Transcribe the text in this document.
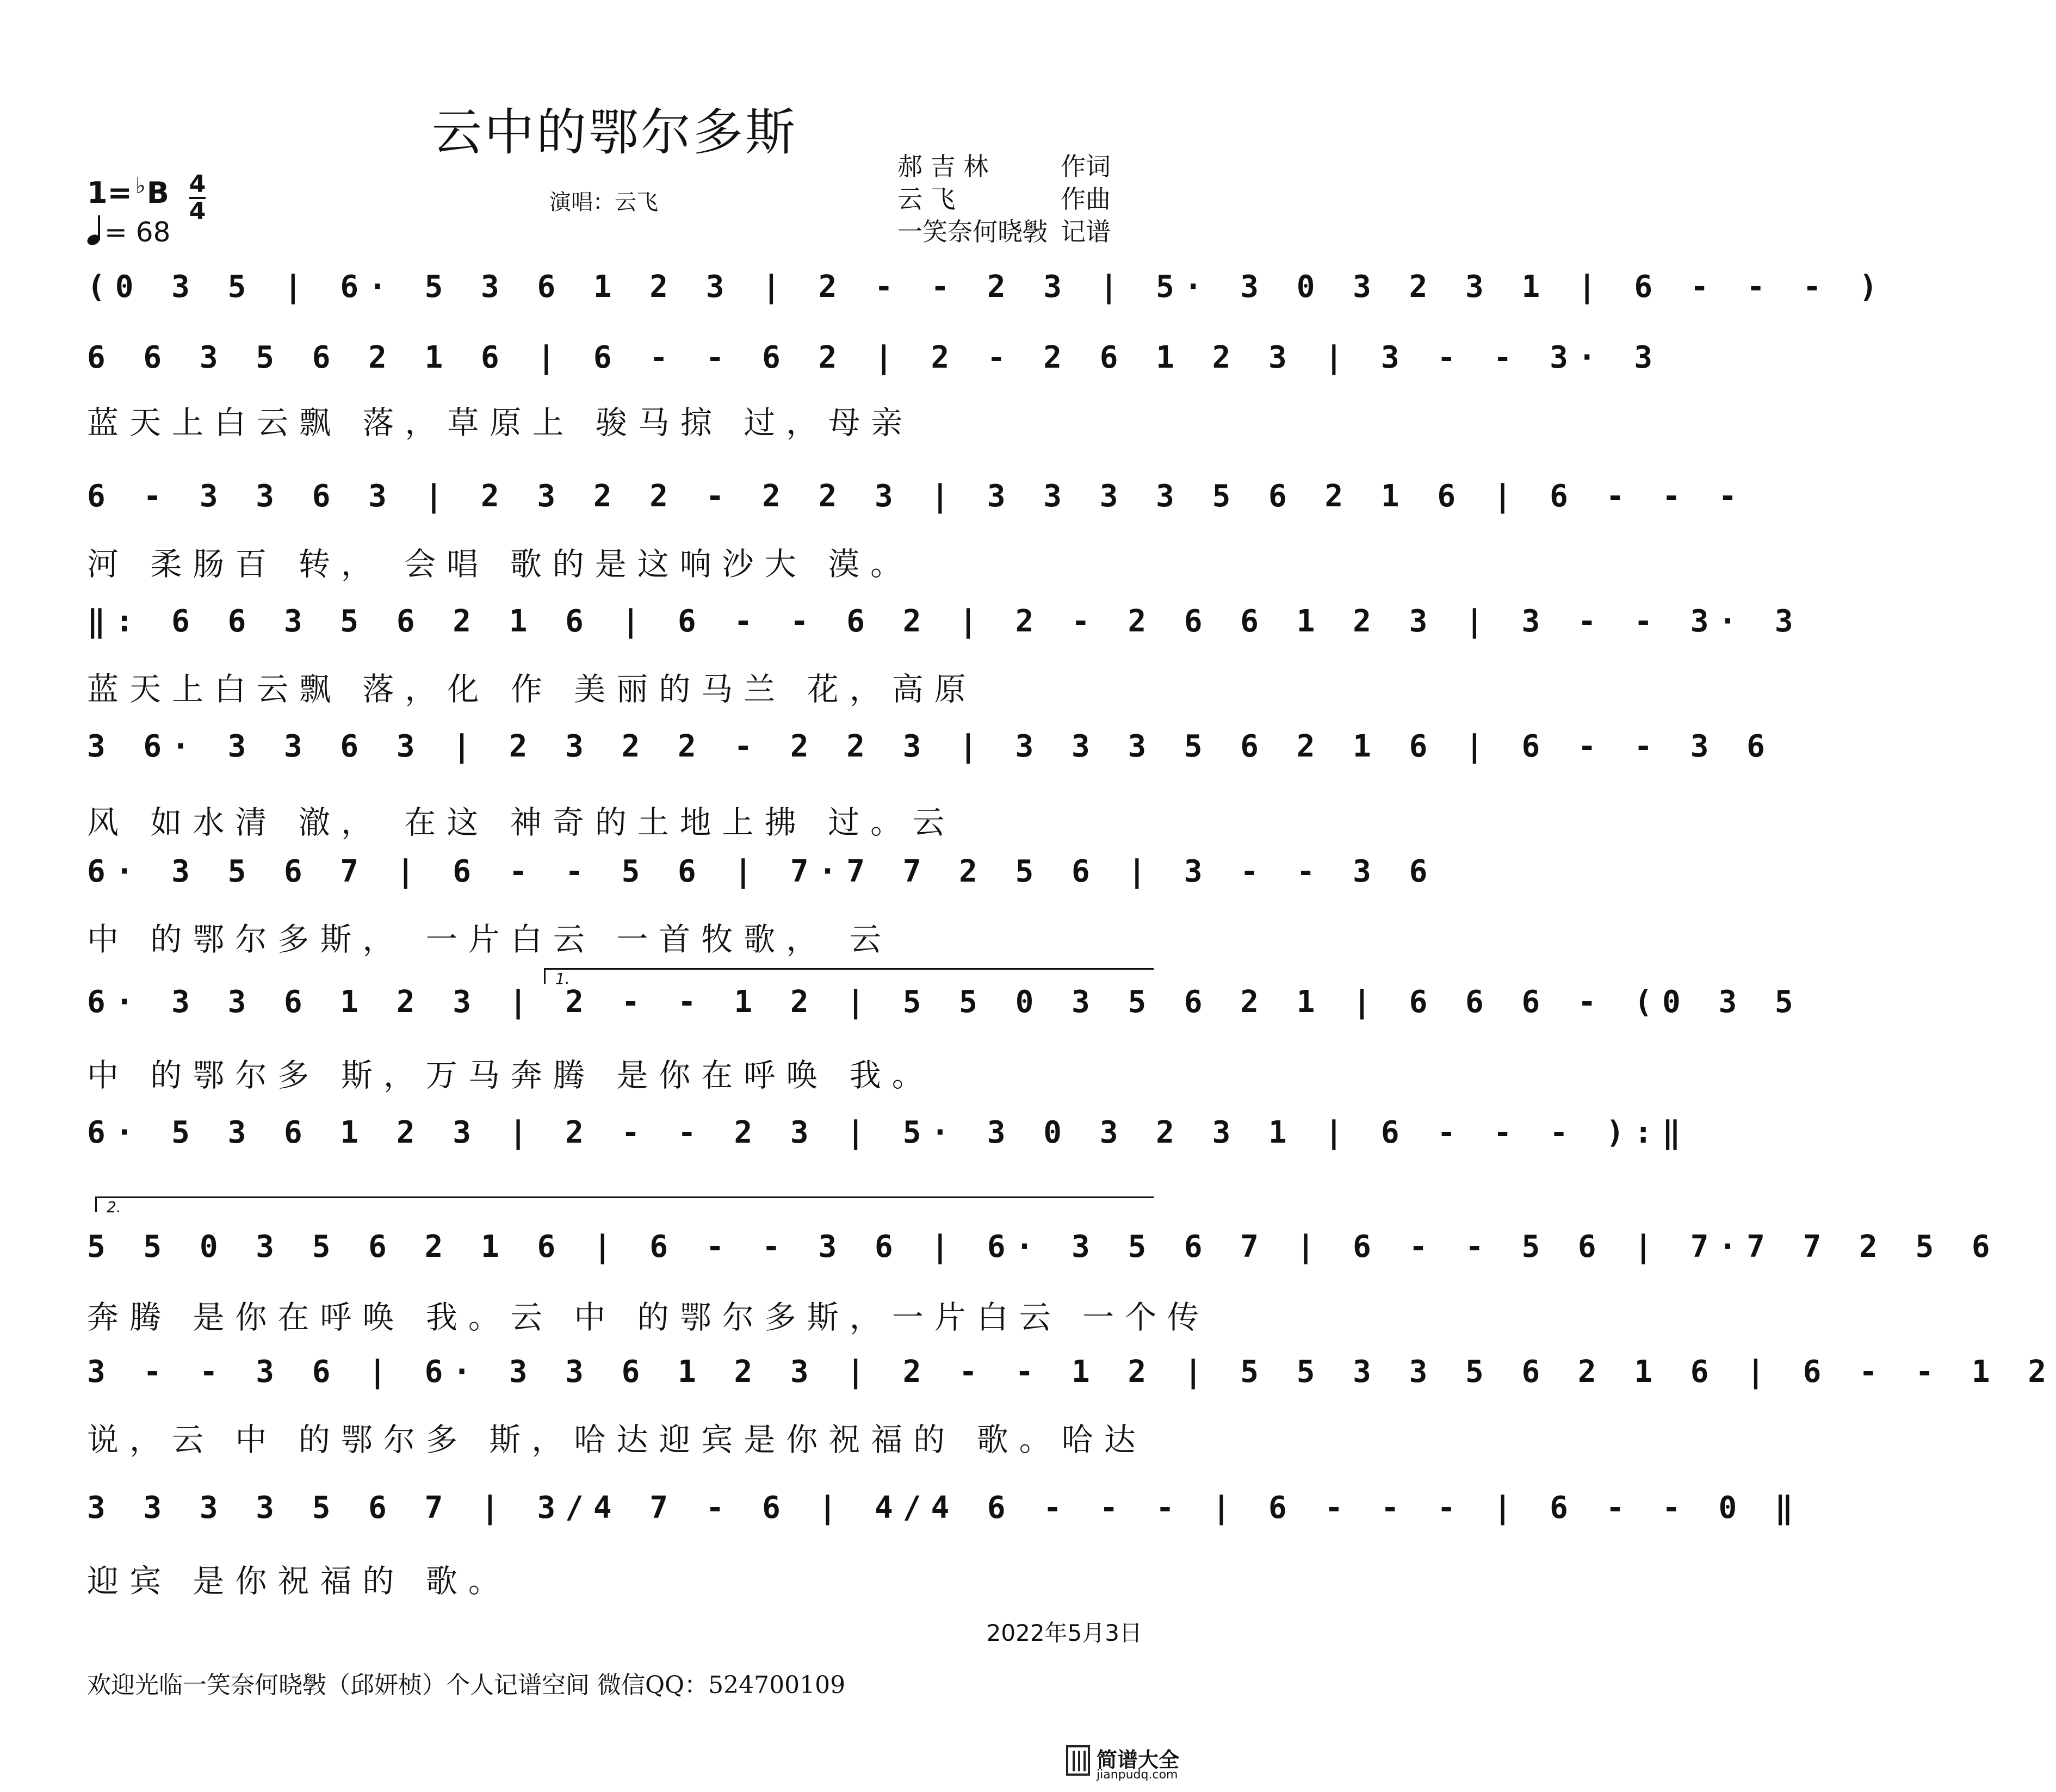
云中的鄂尔多斯
$1= ^♭B \frac{4}{4}$
= 68
演唱：云飞
郝 吉 林	作词
云 飞	作曲
一笑奈何晓斅 记谱
(0 3 5 | 6· 5 3 6 1 2 3 | 2 - - 2 3 | 5· 3 0 3 2 3 1 | 6 - - - )
6 6 3 5 6 2 1 6 | 6 - - 6 2 | 2 - 2 6 1 2 3 | 3 - - 3· 3
蓝天上白云飘 落，草原上 骏马掠 过，母亲
6 - 3 3 6 3 | 2 3 2 2 - 2 2 3 | 3 3 3 3 5 6 2 1 6 | 6 - - -
河 柔肠百 转， 会唱 歌的是这响沙大 漠。
‖: 6 6 3 5 6 2 1 6 | 6 - - 6 2 | 2 - 2 6 6 1 2 3 | 3 - - 3· 3
蓝天上白云飘 落，化 作 美丽的马兰 花，高原
3 6· 3 3 6 3 | 2 3 2 2 - 2 2 3 | 3 3 3 5 6 2 1 6 | 6 - - 3 6
风 如水清 澈， 在这 神奇的土地上拂 过。云
6· 3 5 6 7 | 6 - - 5 6 | 7·7 7 2 5 6 | 3 - - 3 6
中 的鄂尔多斯， 一片白云 一首牧歌， 云
1.
6· 3 3 6 1 2 3 | 2 - - 1 2 | 5 5 0 3 5 6 2 1 | 6 6 6 - (0 3 5
中 的鄂尔多 斯，万马奔腾 是你在呼唤 我。
6· 5 3 6 1 2 3 | 2 - - 2 3 | 5· 3 0 3 2 3 1 | 6 - - - ):‖
2.
5 5 0 3 5 6 2 1 6 | 6 - - 3 6 | 6· 3 5 6 7 | 6 - - 5 6 | 7·7 7 2 5 6
奔腾 是你在呼唤 我。云 中 的鄂尔多斯，一片白云 一个传
3 - - 3 6 | 6· 3 3 6 1 2 3 | 2 - - 1 2 | 5 5 3 3 5 6 2 1 6 | 6 - - 1 2
说，云 中 的鄂尔多 斯，哈达迎宾是你祝福的 歌。哈达
3 3 3 3 5 6 7 | 3/4 7 - 6 | 4/4 6 - - - | 6 - - - | 6 - - 0 ‖
迎宾 是你祝福的 歌。
2022年5月3日
欢迎光临一笑奈何晓斅（邱妍桢）个人记谱空间 微信QQ：524700109
简谱大全
jianpudq.com
